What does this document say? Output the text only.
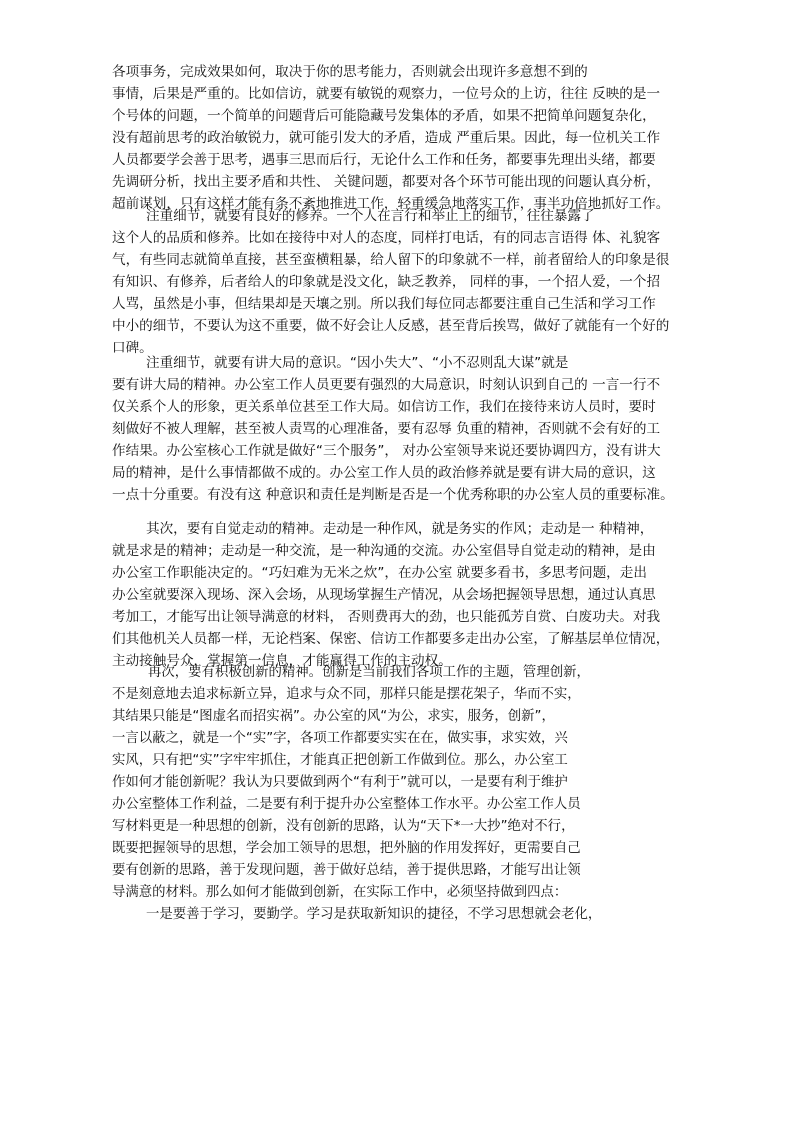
各项事务，完成效果如何，取决于你的思考能力，否则就会出现许多意想不到的
事情，后果是严重的。比如信访，就要有敏锐的观察力，一位号众的上访，往往 反映的是一
个号体的问题，一个简单的问题背后可能隐藏号发集体的矛盾，如果不把简单问题复杂化，
没有超前思考的政治敏锐力，就可能引发大的矛盾，造成 严重后果。因此，每一位机关工作
人员都要学会善于思考，遇事三思而后行，无论什么工作和任务，都要事先理出头绪，都要
先调研分析，找出主要矛盾和共性、 关键问题，都要对各个环节可能出现的问题认真分析，
超前谋划，只有这样才能有条不紊地推进工作，轻重缓急地落实工作，事半功倍地抓好工作。
注重细节，就要有良好的修养。一个人在言行和举止上的细节，往往暴露了
这个人的品质和修养。比如在接待中对人的态度，同样打电话，有的同志言语得 体、礼貌客
气，有些同志就简单直接，甚至蛮横粗暴，给人留下的印象就不一样，前者留给人的印象是很
有知识、有修养，后者给人的印象就是没文化，缺乏教养， 同样的事，一个招人爱，一个招
人骂，虽然是小事，但结果却是天壤之别。所以我们每位同志都要注重自己生活和学习工作
中小的细节，不要认为这不重要，做不好会让人反感，甚至背后挨骂，做好了就能有一个好的
口碑。
注重细节，就要有讲大局的意识。“因小失大”、“小不忍则乱大谋”就是
要有讲大局的精神。办公室工作人员更要有强烈的大局意识，时刻认识到自己的 一言一行不
仅关系个人的形象，更关系单位甚至工作大局。如信访工作，我们在接待来访人员时，要时
刻做好不被人理解，甚至被人责骂的心理准备，要有忍辱 负重的精神，否则就不会有好的工
作结果。办公室核心工作就是做好“三个服务”， 对办公室领导来说还要协调四方，没有讲大
局的精神，是什么事情都做不成的。办公室工作人员的政治修养就是要有讲大局的意识，这
一点十分重要。有没有这 种意识和责任是判断是否是一个优秀称职的办公室人员的重要标准。
其次，要有自觉走动的精神。走动是一种作风，就是务实的作风；走动是一 种精神，
就是求是的精神；走动是一种交流，是一种沟通的交流。办公室倡导自觉走动的精神，是由
办公室工作职能决定的。“巧妇难为无米之炊”，在办公室 就要多看书，多思考问题，走出
办公室就要深入现场、深入会场，从现场掌握生产情况，从会场把握领导思想，通过认真思
考加工，才能写出让领导满意的材料， 否则费再大的劲，也只能孤芳自赏、白废功夫。对我
们其他机关人员都一样，无论档案、保密、信访工作都要多走出办公室，了解基层单位情况，
主动接触号众，掌握第一信息，才能赢得工作的主动权。
再次，要有积极创新的精神。创新是当前我们各项工作的主题，管理创新，
不是刻意地去追求标新立异，追求与众不同，那样只能是摆花架子，华而不实，
其结果只能是“图虚名而招实祸”。办公室的风“为公，求实，服务，创新”，
一言以蔽之，就是一个“实”字，各项工作都要实实在在，做实事，求实效，兴
实风，只有把“实”字牢牢抓住，才能真正把创新工作做到位。那么，办公室工
作如何才能创新呢？我认为只要做到两个“有利于”就可以，一是要有利于维护
办公室整体工作利益，二是要有利于提升办公室整体工作水平。办公室工作人员
写材料更是一种思想的创新，没有创新的思路，认为“天下*一大抄”绝对不行，
既要把握领导的思想，学会加工领导的思想，把外脑的作用发挥好，更需要自己
要有创新的思路，善于发现问题，善于做好总结，善于提供思路，才能写出让领
导满意的材料。那么如何才能做到创新，在实际工作中，必须坚持做到四点：
一是要善于学习，要勤学。学习是获取新知识的捷径，不学习思想就会老化，
